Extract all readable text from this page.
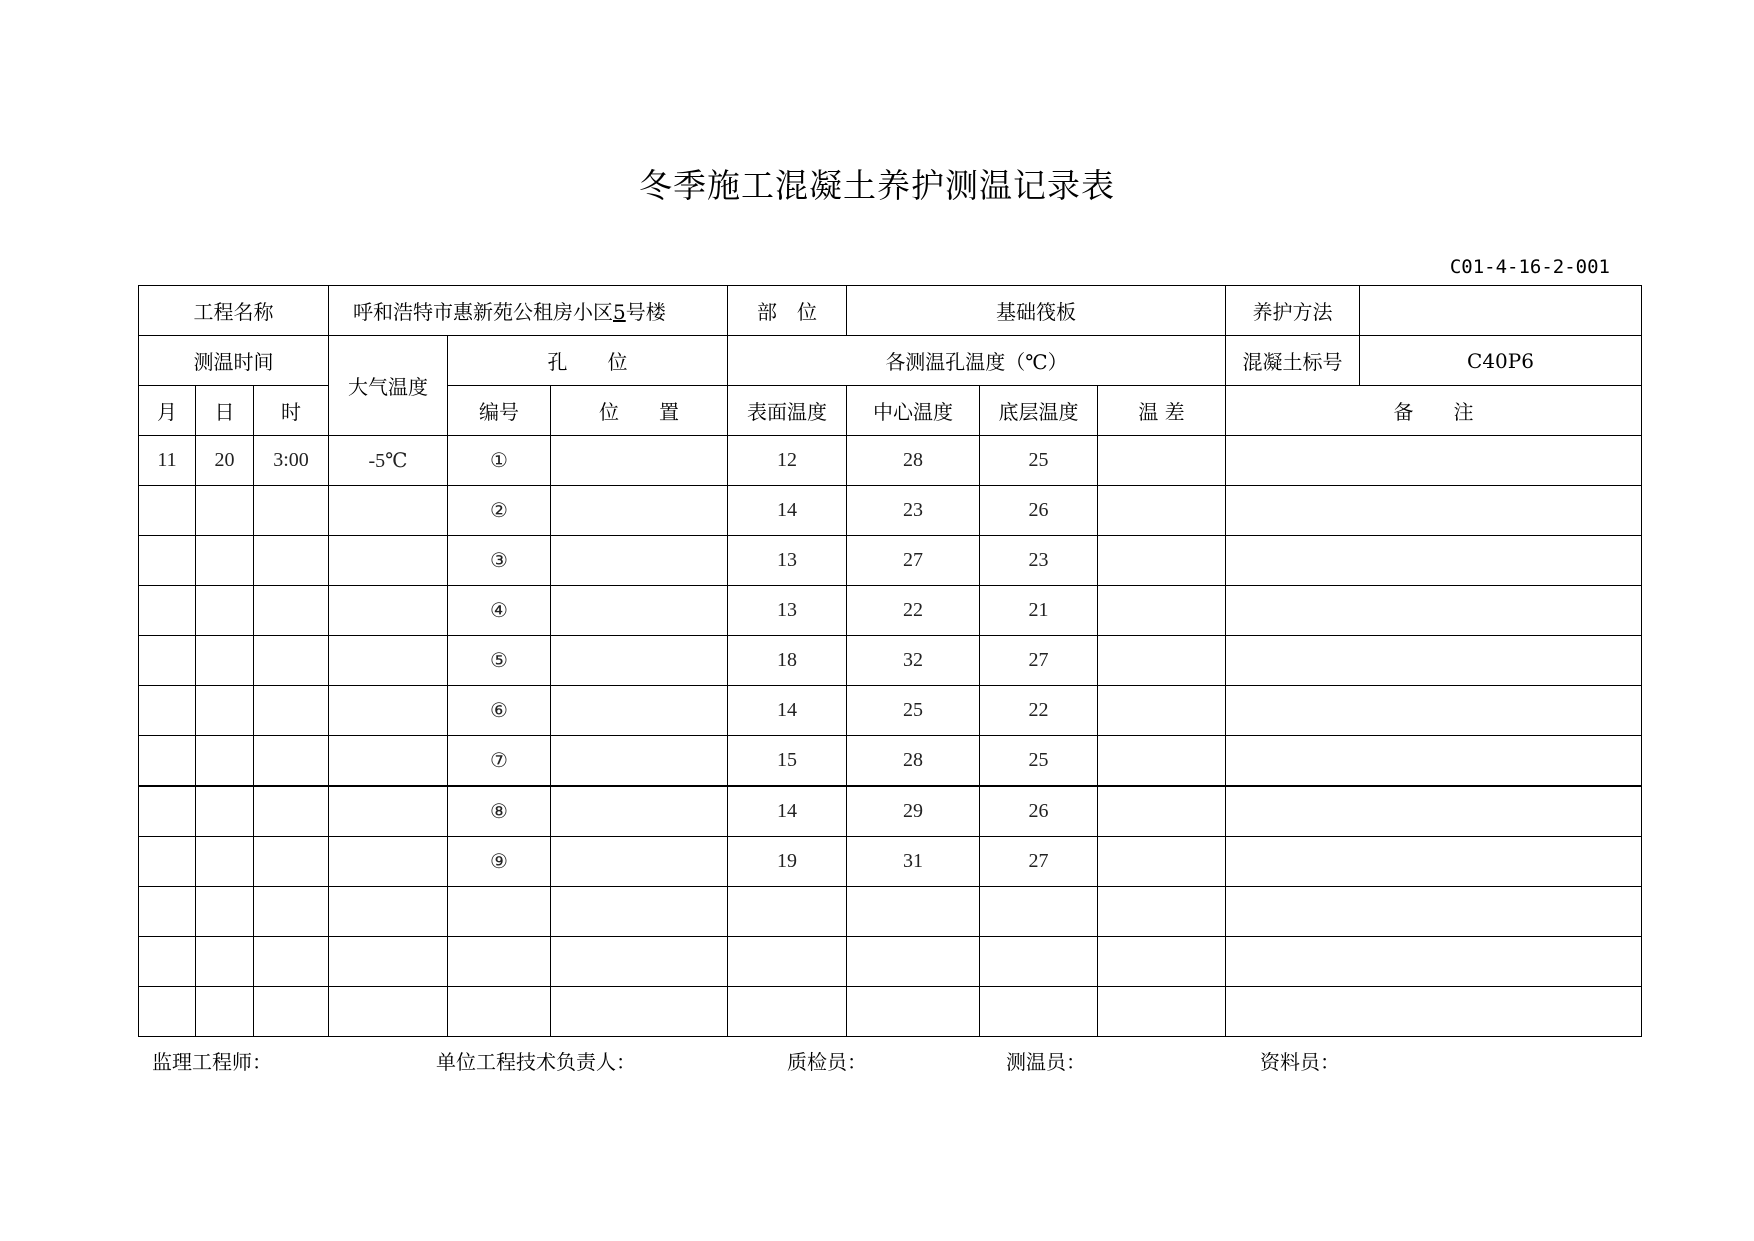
冬季施工混凝土养护测温记录表
C01-4-16-2-001
工程名称			呼和浩特市惠新苑公租房小区5号楼			部　位	基础筏板			养护方法	
测温时间			大气温度	孔　　位		各测温孔温度（℃）				混凝土标号	C40P6
月	日	时		编号	位　　置	表面温度	中心温度	底层温度	温 差	备　　注	
11	20	3:00	-5℃	①		12	28	25			
				②		14	23	26			
				③		13	27	23			
				④		13	22	21			
				⑤		18	32	27			
				⑥		14	25	22			
				⑦		15	28	25			
				⑧		14	29	26			
				⑨		19	31	27			

监理工程师：	单位工程技术负责人：	质检员：	测温员：	资料员：
